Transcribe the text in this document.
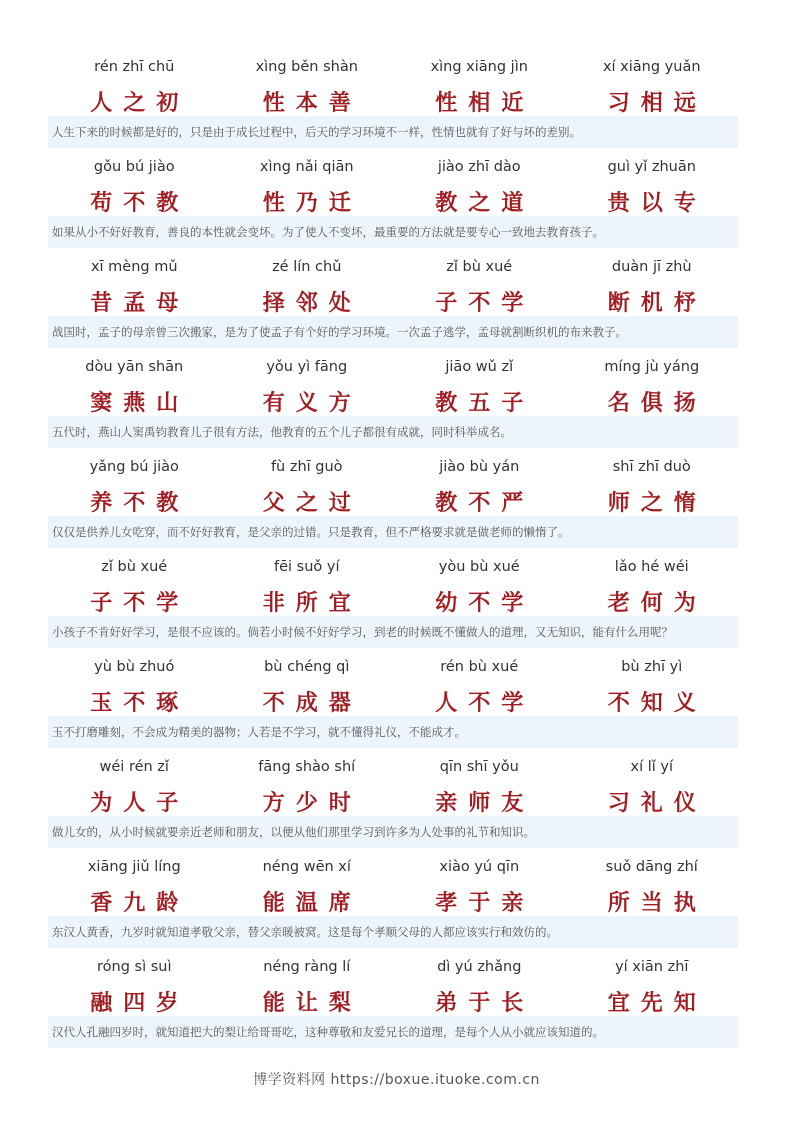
rén zhī chū
人之初
xìng běn shàn
性本善
xìng xiāng jìn
性相近
xí xiāng yuǎn
习相远
人生下来的时候都是好的，只是由于成长过程中，后天的学习环境不一样，性情也就有了好与坏的差别。
gǒu bú jiào
苟不教
xìng nǎi qiān
性乃迁
jiào zhī dào
教之道
guì yǐ zhuān
贵以专
如果从小不好好教育，善良的本性就会变坏。为了使人不变坏，最重要的方法就是要专心一致地去教育孩子。
xī mèng mǔ
昔孟母
zé lín chǔ
择邻处
zǐ bù xué
子不学
duàn jī zhù
断机杼
战国时，孟子的母亲曾三次搬家，是为了使孟子有个好的学习环境。一次孟子逃学，孟母就割断织机的布来教子。
dòu yān shān
窦燕山
yǒu yì fāng
有义方
jiāo wǔ zǐ
教五子
míng jù yáng
名俱扬
五代时，燕山人窦禹钧教育儿子很有方法，他教育的五个儿子都很有成就，同时科举成名。
yǎng bú jiào
养不教
fù zhī guò
父之过
jiào bù yán
教不严
shī zhī duò
师之惰
仅仅是供养儿女吃穿，而不好好教育，是父亲的过错。只是教育，但不严格要求就是做老师的懒惰了。
zǐ bù xué
子不学
fēi suǒ yí
非所宜
yòu bù xué
幼不学
lǎo hé wéi
老何为
小孩子不肯好好学习，是很不应该的。倘若小时候不好好学习，到老的时候既不懂做人的道理，又无知识，能有什么用呢？
yù bù zhuó
玉不琢
bù chéng qì
不成器
rén bù xué
人不学
bù zhī yì
不知义
玉不打磨雕刻，不会成为精美的器物；人若是不学习，就不懂得礼仪，不能成才。
wéi rén zǐ
为人子
fāng shào shí
方少时
qīn shī yǒu
亲师友
xí lǐ yí
习礼仪
做儿女的，从小时候就要亲近老师和朋友，以便从他们那里学习到许多为人处事的礼节和知识。
xiāng jiǔ líng
香九龄
néng wēn xí
能温席
xiào yú qīn
孝于亲
suǒ dāng zhí
所当执
东汉人黄香，九岁时就知道孝敬父亲，替父亲暖被窝。这是每个孝顺父母的人都应该实行和效仿的。
róng sì suì
融四岁
néng ràng lí
能让梨
dì yú zhǎng
弟于长
yí xiān zhī
宜先知
汉代人孔融四岁时，就知道把大的梨让给哥哥吃，这种尊敬和友爱兄长的道理，是每个人从小就应该知道的。
博学资料网 https://boxue.ituoke.com.cn
